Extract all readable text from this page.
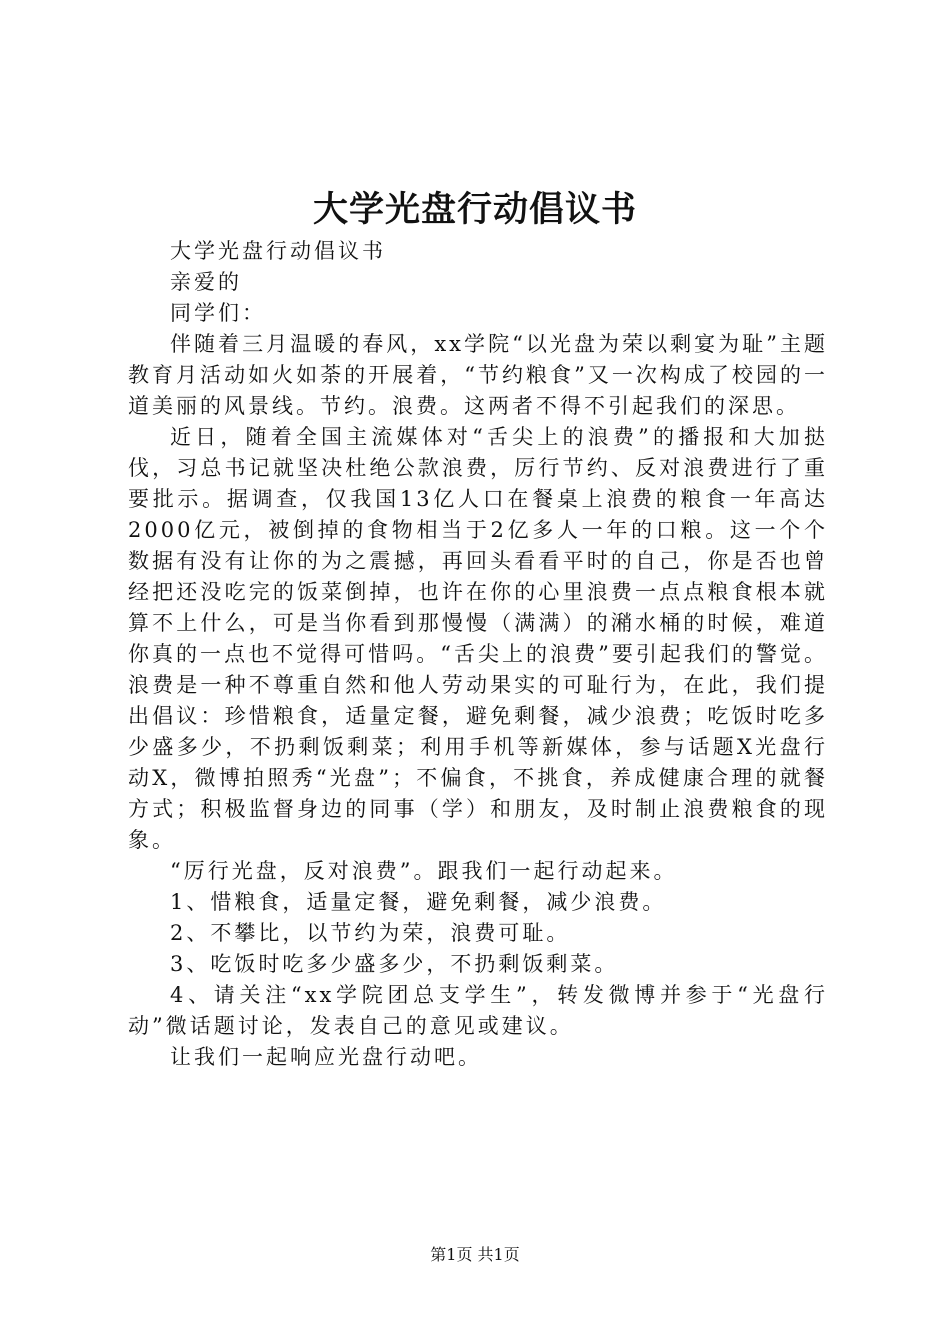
大学光盘行动倡议书

大学光盘行动倡议书

亲爱的

同学们：

伴随着三月温暖的春风，xx学院“以光盘为荣以剩宴为耻”主题教育月活动如火如荼的开展着，“节约粮食”又一次构成了校园的一道美丽的风景线。节约。浪费。这两者不得不引起我们的深思。

近日，随着全国主流媒体对“舌尖上的浪费”的播报和大加挞伐，习总书记就坚决杜绝公款浪费，厉行节约、反对浪费进行了重要批示。据调查，仅我国13亿人口在餐桌上浪费的粮食一年高达2000亿元，被倒掉的食物相当于2亿多人一年的口粮。这一个个数据有没有让你的为之震撼，再回头看看平时的自己，你是否也曾经把还没吃完的饭菜倒掉，也许在你的心里浪费一点点粮食根本就算不上什么，可是当你看到那慢慢（满满）的潲水桶的时候，难道你真的一点也不觉得可惜吗。“舌尖上的浪费”要引起我们的警觉。浪费是一种不尊重自然和他人劳动果实的可耻行为，在此，我们提出倡议：珍惜粮食，适量定餐，避免剩餐，减少浪费；吃饭时吃多少盛多少，不扔剩饭剩菜；利用手机等新媒体，参与话题X光盘行动X，微博拍照秀“光盘”；不偏食，不挑食，养成健康合理的就餐方式；积极监督身边的同事（学）和朋友，及时制止浪费粮食的现象。

“厉行光盘，反对浪费”。跟我们一起行动起来。

1、惜粮食，适量定餐，避免剩餐，减少浪费。

2、不攀比，以节约为荣，浪费可耻。

3、吃饭时吃多少盛多少，不扔剩饭剩菜。

4、请关注“xx学院团总支学生”，转发微博并参于“光盘行动”微话题讨论，发表自己的意见或建议。

让我们一起响应光盘行动吧。

第1页 共1页
